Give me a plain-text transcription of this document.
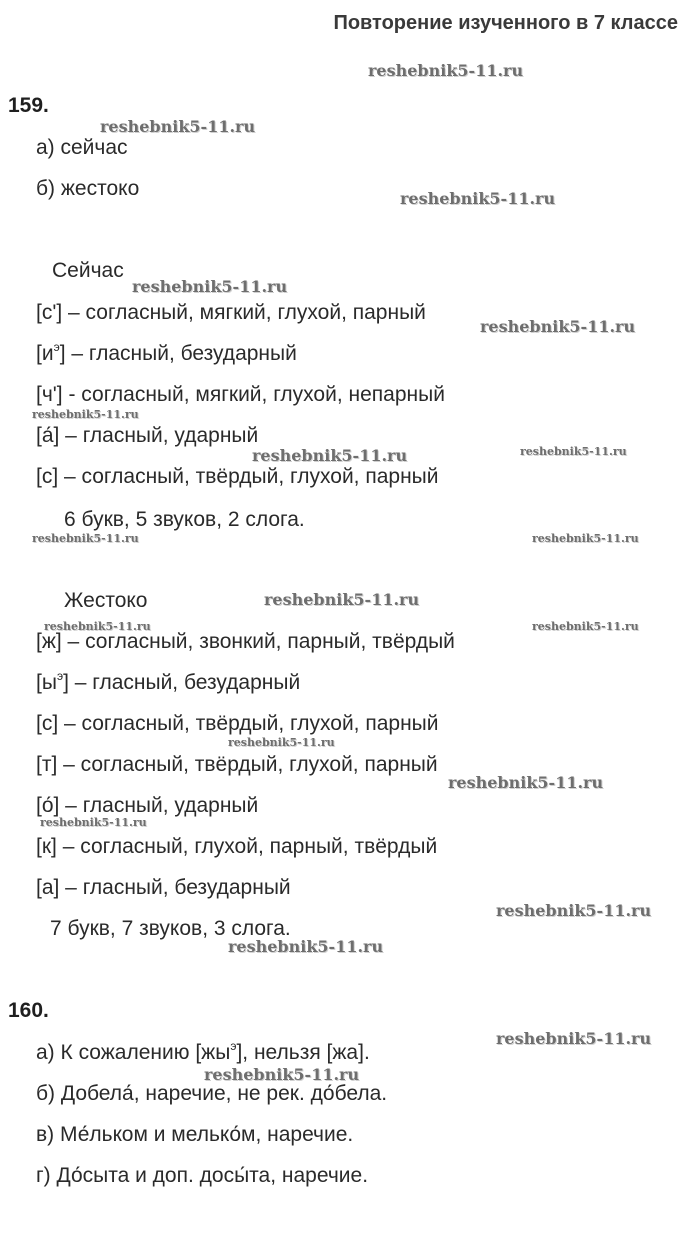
Повторение изученного в 7 классе
159.
а) сейчас
б) жестоко
Сейчас
[с'] – согласный, мягкий, глухой, парный
$[и^э]$ – гласный, безударный
[ч'] - согласный, мягкий, глухой, непарный
[а́] – гласный, ударный
[с] – согласный, твёрдый, глухой, парный
6 букв, 5 звуков, 2 слога.
Жестоко
[ж] – согласный, звонкий, парный, твёрдый
$[ы^э]$ – гласный, безударный
[с] – согласный, твёрдый, глухой, парный
[т] – согласный, твёрдый, глухой, парный
[о́] – гласный, ударный
[к] – согласный, глухой, парный, твёрдый
[а] – гласный, безударный
7 букв, 7 звуков, 3 слога.
160.
а) К сожалению $[жы^э]$, нельзя [жа].
б) Добела́, наречие, не рек. до́бела.
в) Ме́лькoм и мелько́м, наречие.
г) До́сыта и доп. досы́та, наречие.
reshebnik5-11.ru
reshebnik5-11.ru
reshebnik5-11.ru
reshebnik5-11.ru
reshebnik5-11.ru
reshebnik5-11.ru
reshebnik5-11.ru	reshebnik5-11.ru
reshebnik5-11.ru	reshebnik5-11.ru
reshebnik5-11.ru
reshebnik5-11.ru	reshebnik5-11.ru
reshebnik5-11.ru
reshebnik5-11.ru
reshebnik5-11.ru
reshebnik5-11.ru
reshebnik5-11.ru
reshebnik5-11.ru
reshebnik5-11.ru
